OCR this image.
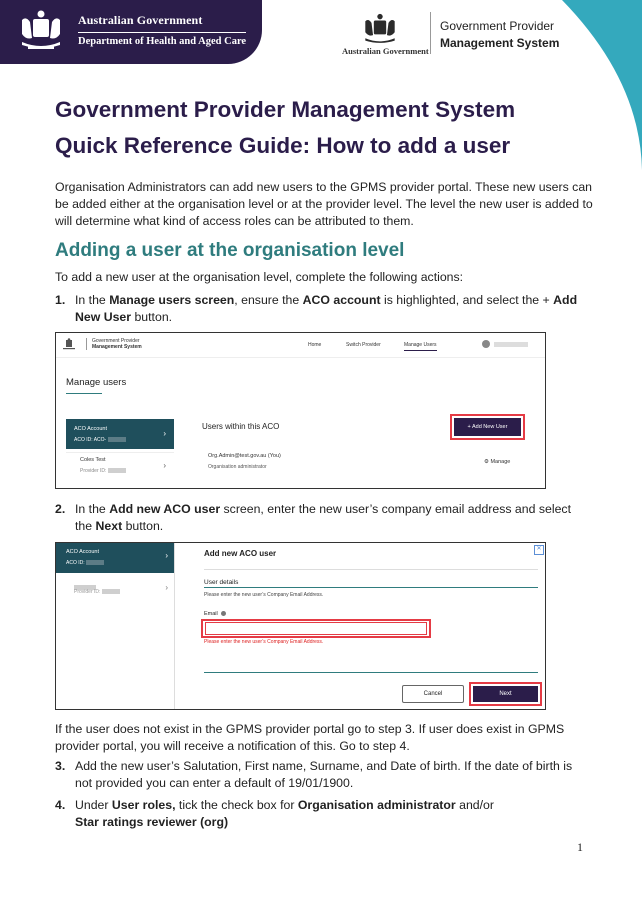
Australian Government
Department of Health and Aged Care
Australian Government
Government Provider
Management System
Government Provider Management System
Quick Reference Guide: How to add a user

Organisation Administrators can add new users to the GPMS provider portal. These new users can be added either at the organisation level or at the provider level. The level the new user is added to will determine what kind of access roles can be attributed to them.

Adding a user at the organisation level

To add a new user at the organisation level, complete the following actions:

1. In the Manage users screen, ensure the ACO account is highlighted, and select the + Add New User button.
Government Provider
Management System	Home	Switch Provider	Manage Users
Manage users
ACO Account
ACO ID: ACO-
›
Coles Test
Provider ID:
›
Users within this ACO	+ Add New User
Org.Admin@test.gov.au (You)
Organisation administrator
⚙ Manage
2. In the Add new ACO user screen, enter the new user’s company email address and select the Next button.
ACO Account
ACO ID:
›
Provider ID:	›
Add new ACO user	✕
User details
Please enter the new user’s Company Email Address.
Email
Please enter the new user’s Company Email Address.
Cancel	Next

If the user does not exist in the GPMS provider portal go to step 3. If user does exist in GPMS provider portal, you will receive a notification of this. Go to step 4.

3. Add the new user’s Salutation, First name, Surname, and Date of birth. If the date of birth is not provided you can enter a default of 19/01/1900.
4. Under User roles, tick the check box for Organisation administrator and/or
Star ratings reviewer (org)
1
